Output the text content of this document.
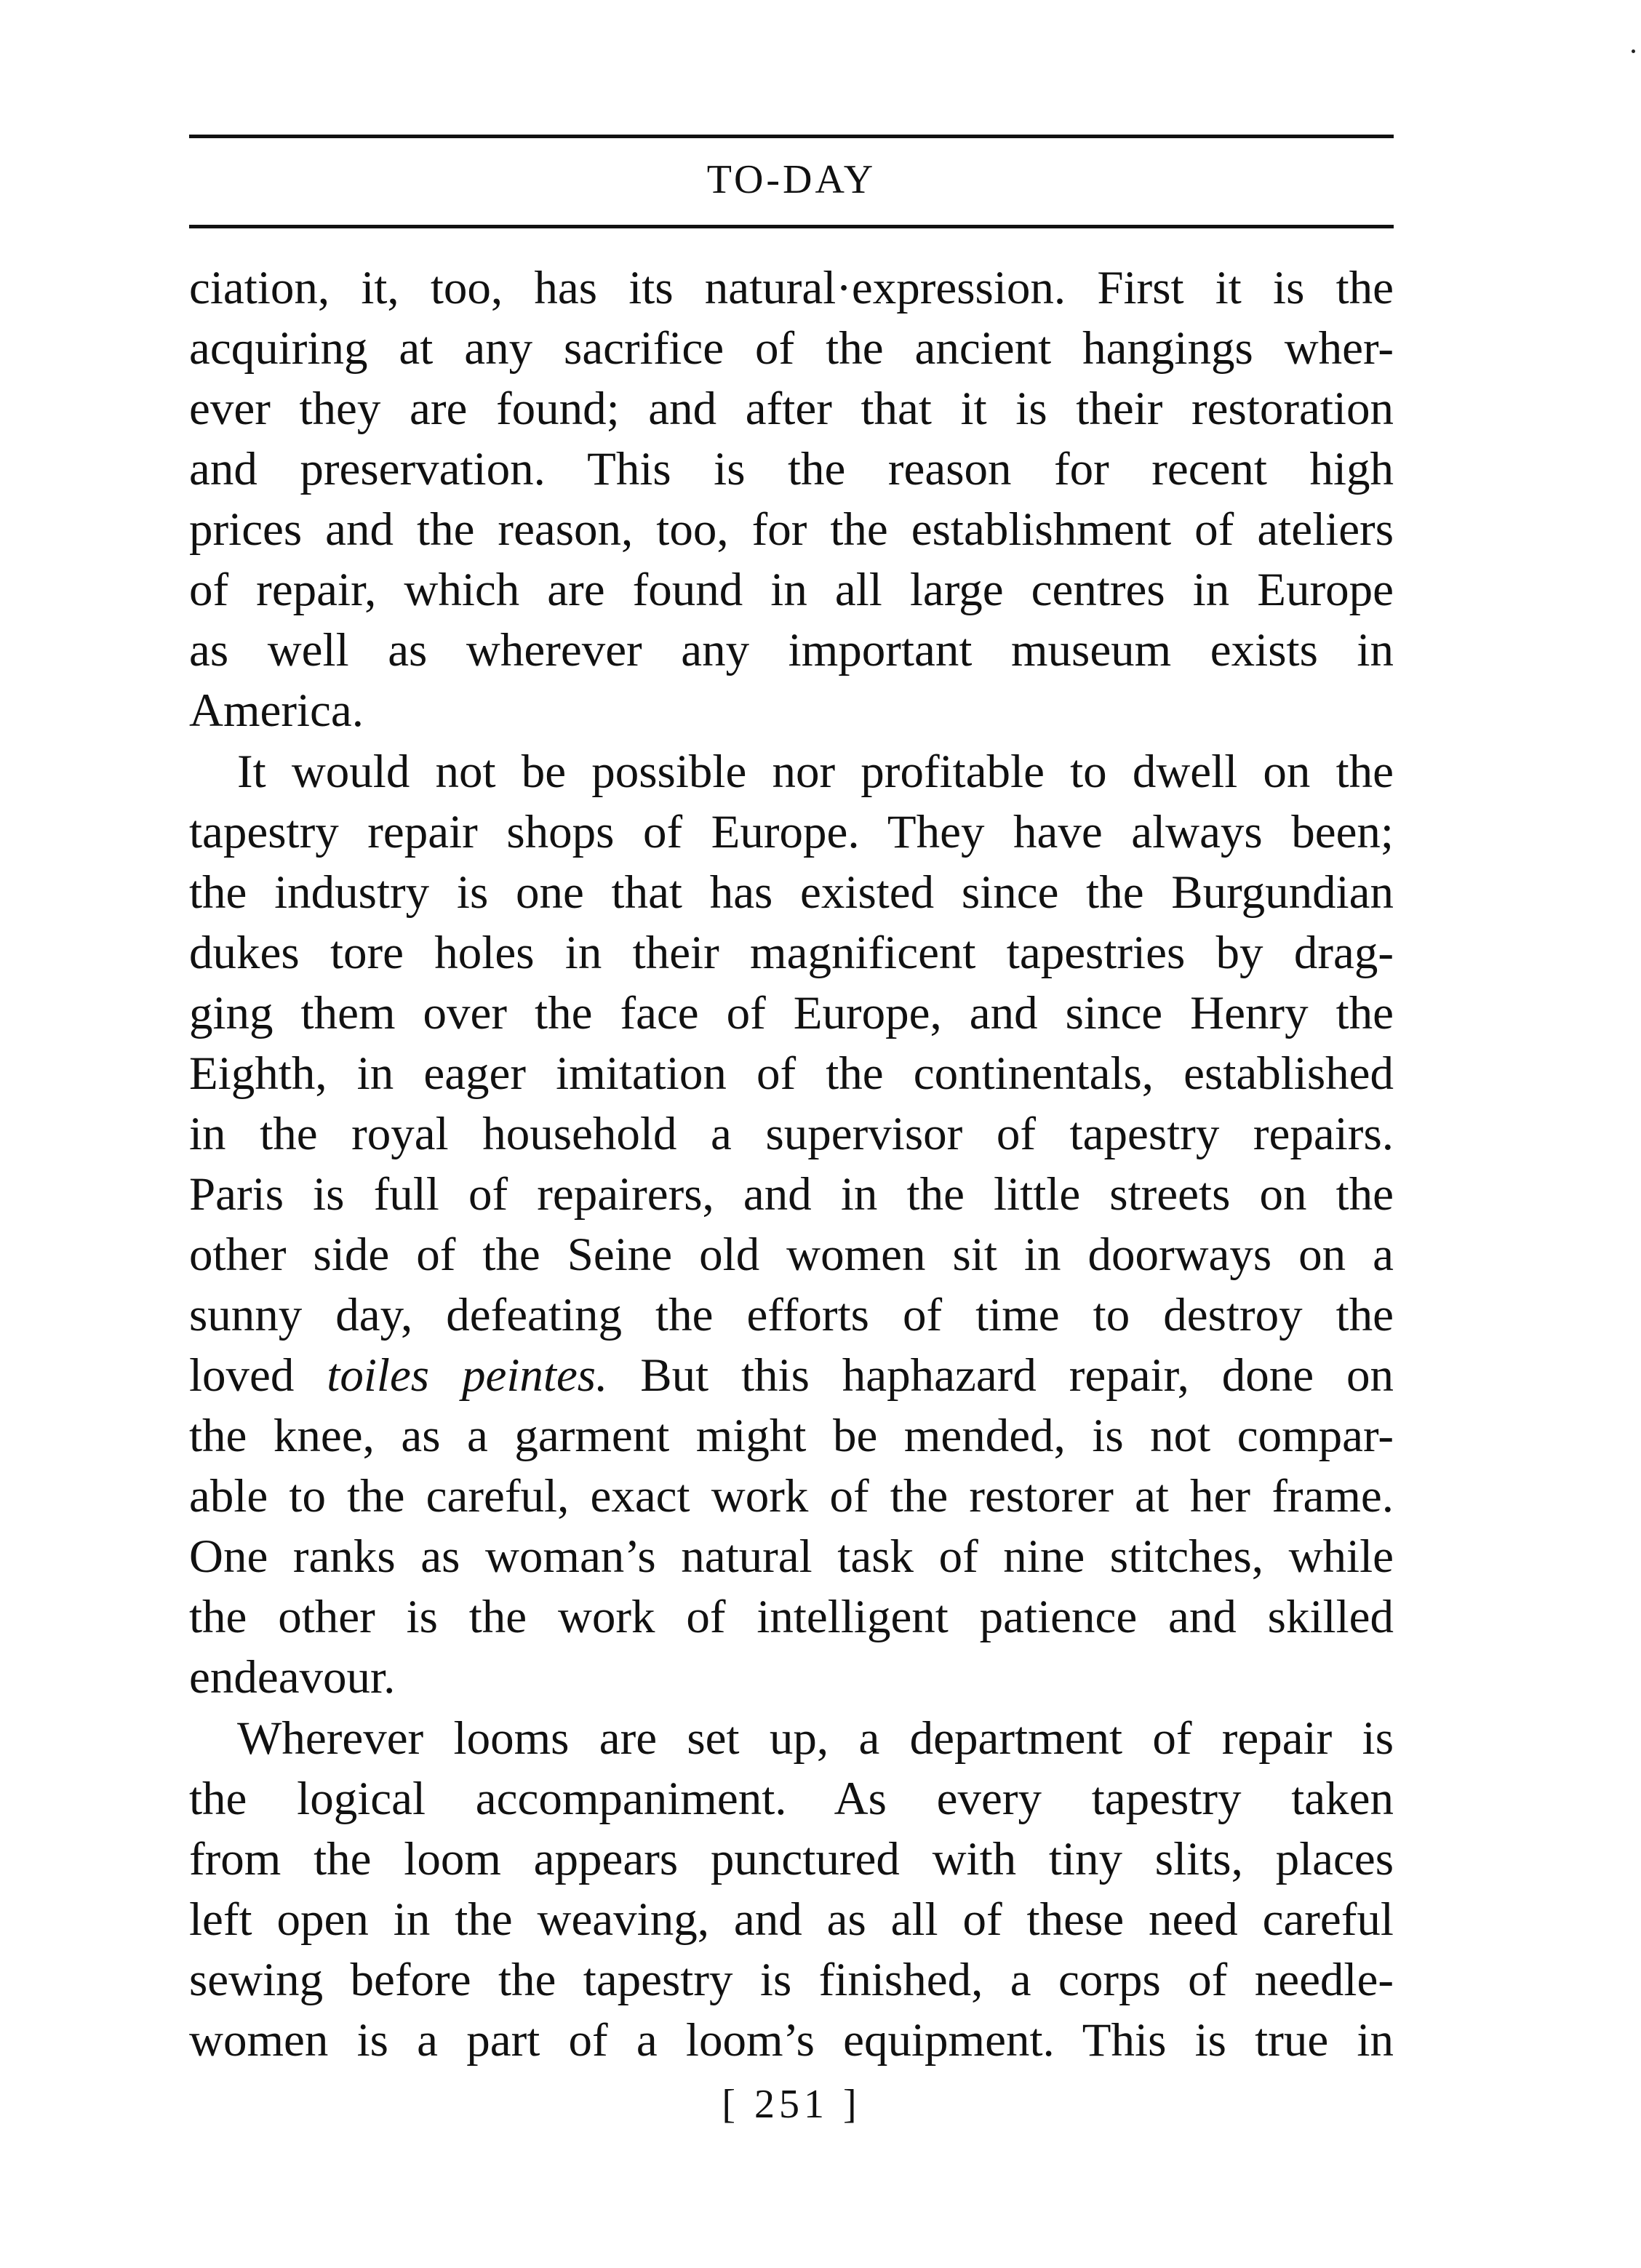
TO-DAY
ciation, it, too, has its natural·expression. First it is the
acquiring at any sacrifice of the ancient hangings wher-
ever they are found; and after that it is their restoration
and preservation. This is the reason for recent high
prices and the reason, too, for the establishment of ateliers
of repair, which are found in all large centres in Europe
as well as wherever any important museum exists in
America.
It would not be possible nor profitable to dwell on the
tapestry repair shops of Europe. They have always been;
the industry is one that has existed since the Burgundian
dukes tore holes in their magnificent tapestries by drag-
ging them over the face of Europe, and since Henry the
Eighth, in eager imitation of the continentals, established
in the royal household a supervisor of tapestry repairs.
Paris is full of repairers, and in the little streets on the
other side of the Seine old women sit in doorways on a
sunny day, defeating the efforts of time to destroy the
loved toiles peintes. But this haphazard repair, done on
the knee, as a garment might be mended, is not compar-
able to the careful, exact work of the restorer at her frame.
One ranks as woman’s natural task of nine stitches, while
the other is the work of intelligent patience and skilled
endeavour.
Wherever looms are set up, a department of repair is
the logical accompaniment. As every tapestry taken
from the loom appears punctured with tiny slits, places
left open in the weaving, and as all of these need careful
sewing before the tapestry is finished, a corps of needle-
women is a part of a loom’s equipment. This is true in
[ 251 ]
